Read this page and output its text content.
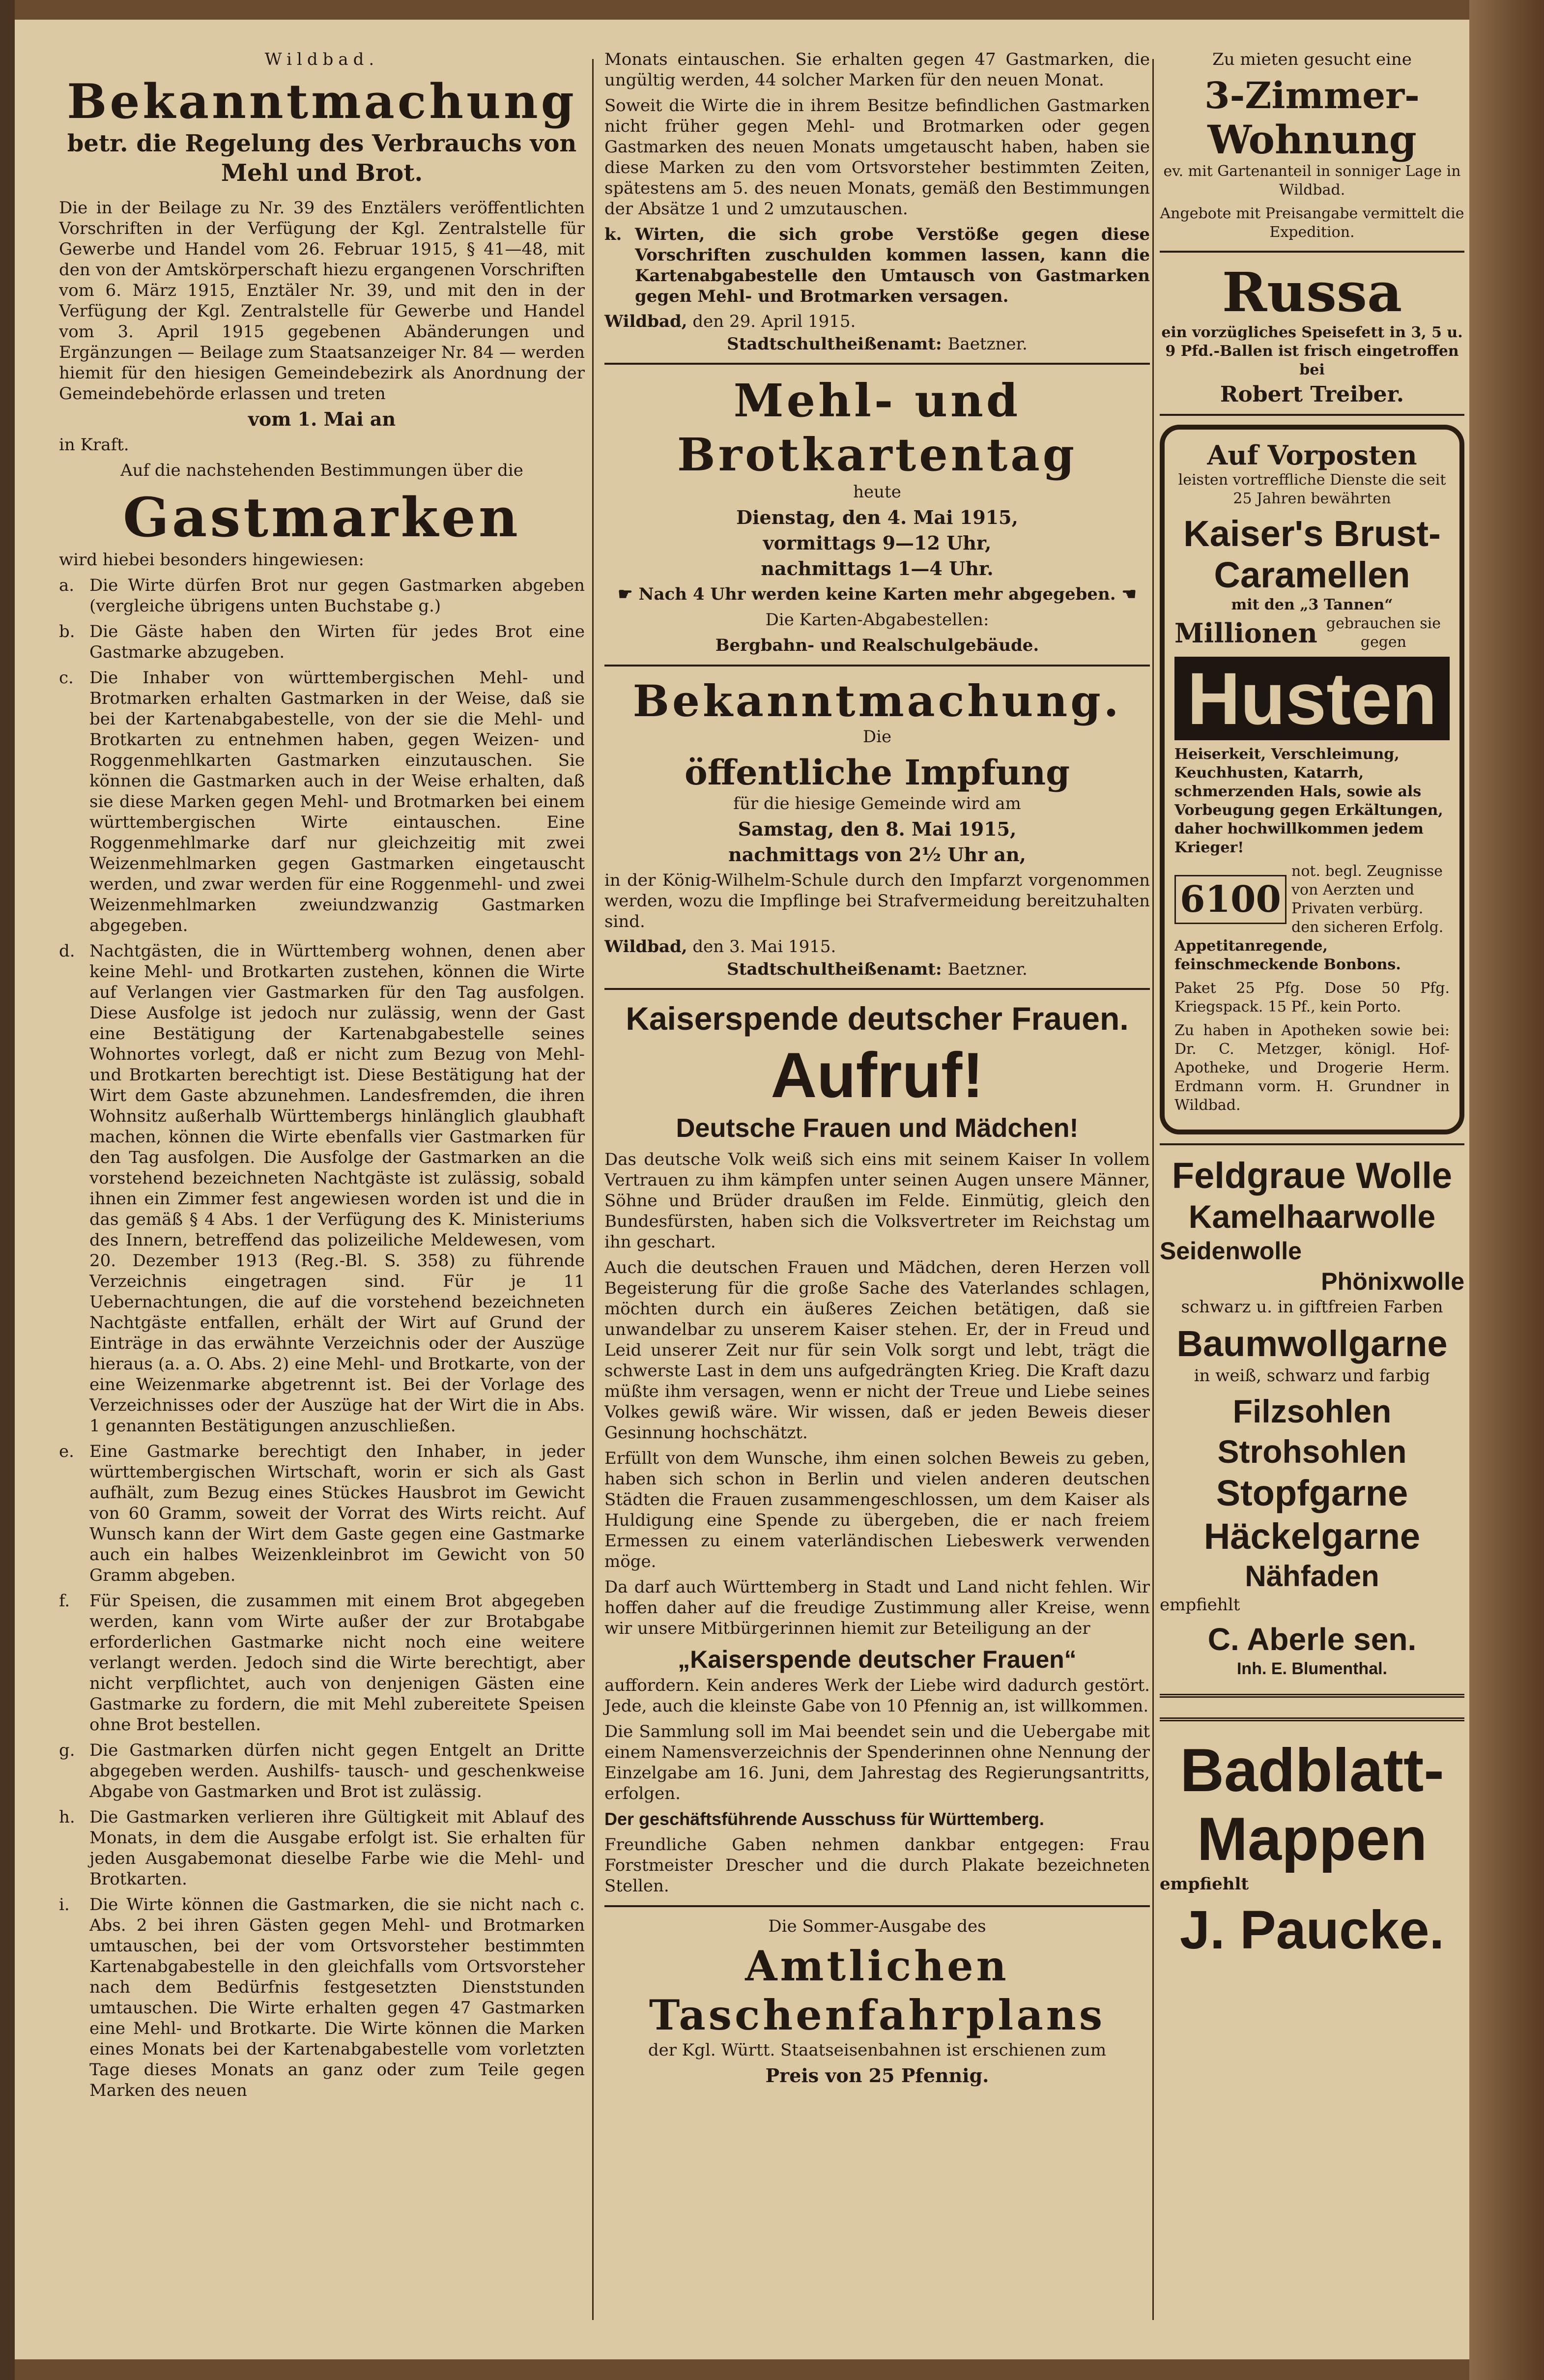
Wildbad.

Bekanntmachung
betr. die Regelung des Verbrauchs von Mehl und Brot.

Die in der Beilage zu Nr. 39 des Enztälers veröffentlichten Vorschriften in der Verfügung der Kgl. Zentralstelle für Gewerbe und Handel vom 26. Februar 1915, § 41—48, mit den von der Amtskörperschaft hiezu ergangenen Vorschriften vom 6. März 1915, Enztäler Nr. 39, und mit den in der Verfügung der Kgl. Zentralstelle für Gewerbe und Handel vom 3. April 1915 gegebenen Abänderungen und Ergänzungen — Beilage zum Staatsanzeiger Nr. 84 — werden hiemit für den hiesigen Gemeindebezirk als Anordnung der Gemeindebehörde erlassen und treten

vom 1. Mai an

in Kraft.

Auf die nachstehenden Bestimmungen über die

Gastmarken

wird hiebei besonders hingewiesen:

a. Die Wirte dürfen Brot nur gegen Gastmarken abgeben (vergleiche übrigens unten Buchstabe g.)
b. Die Gäste haben den Wirten für jedes Brot eine Gastmarke abzugeben.
c. Die Inhaber von württembergischen Mehl- und Brotmarken erhalten Gastmarken in der Weise, daß sie bei der Kartenabgabestelle, von der sie die Mehl- und Brotkarten zu entnehmen haben, gegen Weizen- und Roggenmehlkarten Gastmarken einzutauschen. Sie können die Gastmarken auch in der Weise erhalten, daß sie diese Marken gegen Mehl- und Brotmarken bei einem württembergischen Wirte eintauschen. Eine Roggenmehlmarke darf nur gleichzeitig mit zwei Weizenmehlmarken gegen Gastmarken eingetauscht werden, und zwar werden für eine Roggenmehl- und zwei Weizenmehlmarken zweiundzwanzig Gastmarken abgegeben.
d. Nachtgästen, die in Württemberg wohnen, denen aber keine Mehl- und Brotkarten zustehen, können die Wirte auf Verlangen vier Gastmarken für den Tag ausfolgen. Diese Ausfolge ist jedoch nur zulässig, wenn der Gast eine Bestätigung der Kartenabgabestelle seines Wohnortes vorlegt, daß er nicht zum Bezug von Mehl- und Brotkarten berechtigt ist. Diese Bestätigung hat der Wirt dem Gaste abzunehmen. Landesfremden, die ihren Wohnsitz außerhalb Württembergs hinlänglich glaubhaft machen, können die Wirte ebenfalls vier Gastmarken für den Tag ausfolgen. Die Ausfolge der Gastmarken an die vorstehend bezeichneten Nachtgäste ist zulässig, sobald ihnen ein Zimmer fest angewiesen worden ist und die in das gemäß § 4 Abs. 1 der Verfügung des K. Ministeriums des Innern, betreffend das polizeiliche Meldewesen, vom 20. Dezember 1913 (Reg.-Bl. S. 358) zu führende Verzeichnis eingetragen sind. Für je 11 Uebernachtungen, die auf die vorstehend bezeichneten Nachtgäste entfallen, erhält der Wirt auf Grund der Einträge in das erwähnte Verzeichnis oder der Auszüge hieraus (a. a. O. Abs. 2) eine Mehl- und Brotkarte, von der eine Weizenmarke abgetrennt ist. Bei der Vorlage des Verzeichnisses oder der Auszüge hat der Wirt die in Abs. 1 genannten Bestätigungen anzuschließen.
e. Eine Gastmarke berechtigt den Inhaber, in jeder württembergischen Wirtschaft, worin er sich als Gast aufhält, zum Bezug eines Stückes Hausbrot im Gewicht von 60 Gramm, soweit der Vorrat des Wirts reicht. Auf Wunsch kann der Wirt dem Gaste gegen eine Gastmarke auch ein halbes Weizenkleinbrot im Gewicht von 50 Gramm abgeben.
f.	Für Speisen, die zusammen mit einem Brot abgegeben werden, kann vom Wirte außer der zur Brotabgabe erforderlichen Gastmarke nicht noch eine weitere verlangt werden. Jedoch sind die Wirte berechtigt, aber nicht verpflichtet, auch von denjenigen Gästen eine Gastmarke zu fordern, die mit Mehl zubereitete Speisen ohne Brot bestellen.
g. Die Gastmarken dürfen nicht gegen Entgelt an Dritte abgegeben werden. Aushilfs- tausch- und geschenkweise Abgabe von Gastmarken und Brot ist zulässig.
h. Die Gastmarken verlieren ihre Gültigkeit mit Ablauf des Monats, in dem die Ausgabe erfolgt ist. Sie erhalten für jeden Ausgabemonat dieselbe Farbe wie die Mehl- und Brotkarten.
i.	Die Wirte können die Gastmarken, die sie nicht nach c. Abs. 2 bei ihren Gästen gegen Mehl- und Brotmarken umtauschen, bei der vom Ortsvorsteher bestimmten Kartenabgabestelle in den gleichfalls vom Ortsvorsteher nach dem Bedürfnis festgesetzten Dienststunden umtauschen. Die Wirte erhalten gegen 47 Gastmarken eine Mehl- und Brotkarte. Die Wirte können die Marken eines Monats bei der Kartenabgabestelle vom vorletzten Tage dieses Monats an ganz oder zum Teile gegen Marken des neuen

Monats eintauschen. Sie erhalten gegen 47 Gastmarken, die ungültig werden, 44 solcher Marken für den neuen Monat.

Soweit die Wirte die in ihrem Besitze befindlichen Gastmarken nicht früher gegen Mehl- und Brotmarken oder gegen Gastmarken des neuen Monats umgetauscht haben, haben sie diese Marken zu den vom Ortsvorsteher bestimmten Zeiten, spätestens am 5. des neuen Monats, gemäß den Bestimmungen der Absätze 1 und 2 umzutauschen.

k. Wirten, die sich grobe Verstöße gegen diese Vorschriften zuschulden kommen lassen, kann die Kartenabgabestelle den Umtausch von Gastmarken gegen Mehl- und Brotmarken versagen.
Wildbad, den 29. April 1915.
Stadtschultheißenamt: Baetzner.
Mehl- und Brotkartentag

heute

Dienstag, den 4. Mai 1915,

vormittags 9—12 Uhr,

nachmittags 1—4 Uhr.

☛ Nach 4 Uhr werden keine Karten mehr abgegeben. ☚

Die Karten-Abgabestellen:

Bergbahn- und Realschulgebäude.

Bekanntmachung.

Die

öffentliche Impfung

für die hiesige Gemeinde wird am

Samstag, den 8. Mai 1915,

nachmittags von 2½ Uhr an,

in der König-Wilhelm-Schule durch den Impfarzt vorgenommen werden, wozu die Impflinge bei Strafvermeidung bereitzuhalten sind.

Wildbad, den 3. Mai 1915.
Stadtschultheißenamt: Baetzner.
Kaiserspende deutscher Frauen.
Aufruf!
Deutsche Frauen und Mädchen!

Das deutsche Volk weiß sich eins mit seinem Kaiser In vollem Vertrauen zu ihm kämpfen unter seinen Augen unsere Männer, Söhne und Brüder draußen im Felde. Einmütig, gleich den Bundesfürsten, haben sich die Volksvertreter im Reichstag um ihn geschart.

Auch die deutschen Frauen und Mädchen, deren Herzen voll Begeisterung für die große Sache des Vaterlandes schlagen, möchten durch ein äußeres Zeichen betätigen, daß sie unwandelbar zu unserem Kaiser stehen. Er, der in Freud und Leid unserer Zeit nur für sein Volk sorgt und lebt, trägt die schwerste Last in dem uns aufgedrängten Krieg. Die Kraft dazu müßte ihm versagen, wenn er nicht der Treue und Liebe seines Volkes gewiß wäre. Wir wissen, daß er jeden Beweis dieser Gesinnung hochschätzt.

Erfüllt von dem Wunsche, ihm einen solchen Beweis zu geben, haben sich schon in Berlin und vielen anderen deutschen Städten die Frauen zusammengeschlossen, um dem Kaiser als Huldigung eine Spende zu übergeben, die er nach freiem Ermessen zu einem vaterländischen Liebeswerk verwenden möge.

Da darf auch Württemberg in Stadt und Land nicht fehlen. Wir hoffen daher auf die freudige Zustimmung aller Kreise, wenn wir unsere Mitbürgerinnen hiemit zur Beteiligung an der

„Kaiserspende deutscher Frauen“

auffordern. Kein anderes Werk der Liebe wird dadurch gestört. Jede, auch die kleinste Gabe von 10 Pfennig an, ist willkommen.

Die Sammlung soll im Mai beendet sein und die Uebergabe mit einem Namensverzeichnis der Spenderinnen ohne Nennung der Einzelgabe am 16. Juni, dem Jahrestag des Regierungsantritts, erfolgen.

Der geschäftsführende Ausschuss für Württemberg.

Freundliche Gaben nehmen dankbar entgegen: Frau Forstmeister Drescher und die durch Plakate bezeichneten Stellen.

Die Sommer-Ausgabe des

Amtlichen Taschenfahrplans

der Kgl. Württ. Staatseisenbahnen ist erschienen zum

Preis von 25 Pfennig.

Zu mieten gesucht eine

3-Zimmer-
Wohnung

ev. mit Gartenanteil in sonniger Lage in Wildbad.

Angebote mit Preisangabe vermittelt die Expedition.

Russa

ein vorzügliches Speisefett in 3, 5 u. 9 Pfd.-Ballen ist frisch eingetroffen bei

Robert Treiber.

Auf Vorposten

leisten vortreffliche Dienste die seit 25 Jahren bewährten

Kaiser's Brust-
Caramellen
mit den „3 Tannen“
Millionen gebrauchen sie gegen
Husten

Heiserkeit, Verschleimung, Keuchhusten, Katarrh, schmerzenden Hals, sowie als Vorbeugung gegen Erkältungen, daher hochwillkommen jedem Krieger!

6100
not. begl. Zeugnisse von Aerzten und Privaten verbürg. den sicheren Erfolg.

Appetitanregende, feinschmeckende Bonbons.

Paket 25 Pfg. Dose 50 Pfg. Kriegspack. 15 Pf., kein Porto.

Zu haben in Apotheken sowie bei: Dr. C. Metzger, königl. Hof-Apotheke, und Drogerie Herm. Erdmann vorm. H. Grundner in Wildbad.

Feldgraue Wolle
Kamelhaarwolle
Seidenwolle
Phönixwolle

schwarz u. in giftfreien Farben

Baumwollgarne

in weiß, schwarz und farbig

Filzsohlen
Strohsohlen
Stopfgarne
Häckelgarne
Nähfaden

empfiehlt

C. Aberle sen.

Inh. E. Blumenthal.

Badblatt-
Mappen

empfiehlt

J. Paucke.
